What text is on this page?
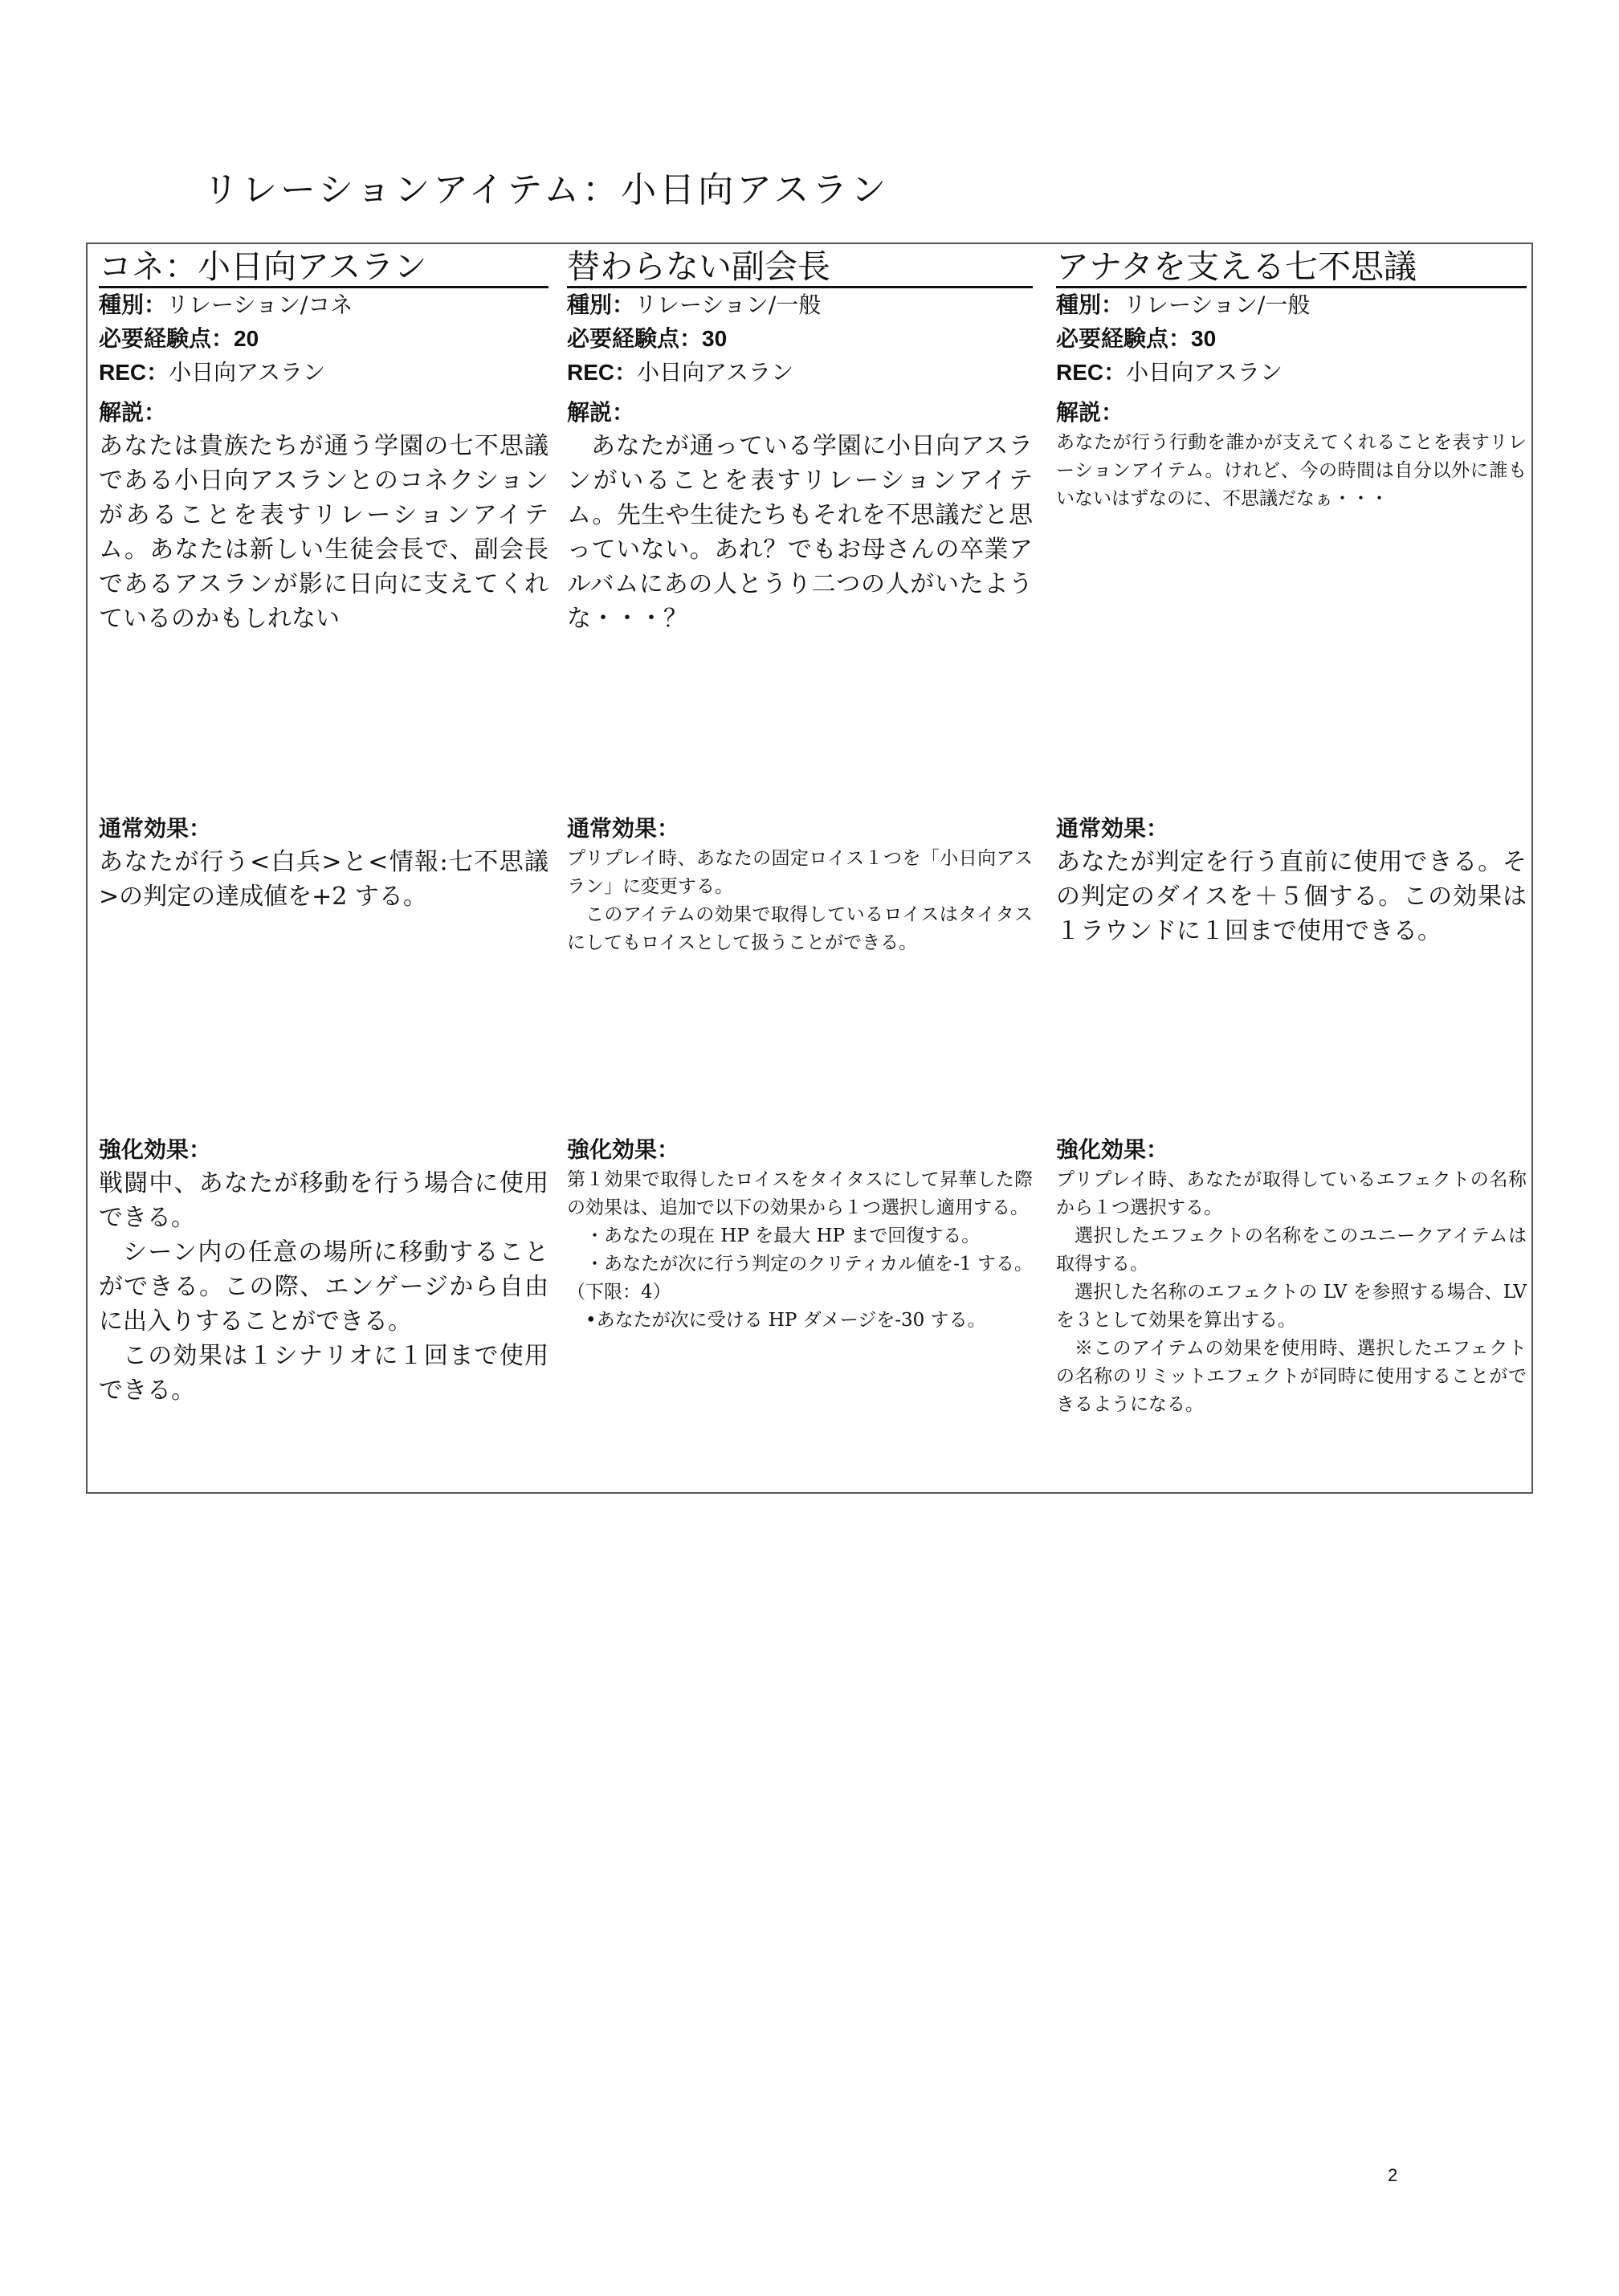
リレーションアイテム：小日向アスラン
コネ：小日向アスラン
種別：リレーション/コネ
必要経験点：20
REC：小日向アスラン
解説：
あなたは貴族たちが通う学園の七不思議である小日向アスランとのコネクションがあることを表すリレーションアイテム。あなたは新しい生徒会長で、副会長であるアスランが影に日向に支えてくれているのかもしれない
通常効果：
あなたが行う<白兵>と<情報:七不思議>の判定の達成値を+2 する。
強化効果：

戦闘中、あなたが移動を行う場合に使用できる。

シーン内の任意の場所に移動することができる。この際、エンゲージから自由に出入りすることができる。

この効果は１シナリオに１回まで使用できる。

替わらない副会長
種別：リレーション/一般
必要経験点：30
REC：小日向アスラン
解説：
あなたが通っている学園に小日向アスランがいることを表すリレーションアイテム。先生や生徒たちもそれを不思議だと思っていない。あれ？でもお母さんの卒業アルバムにあの人とうり二つの人がいたような・・・？
通常効果：

プリプレイ時、あなたの固定ロイス１つを「小日向アスラン」に変更する。

このアイテムの効果で取得しているロイスはタイタスにしてもロイスとして扱うことができる。

強化効果：

第１効果で取得したロイスをタイタスにして昇華した際の効果は、追加で以下の効果から１つ選択し適用する。

・あなたの現在 HP を最大 HP まで回復する。

・あなたが次に行う判定のクリティカル値を-1 する。（下限：4）

•あなたが次に受ける HP ダメージを-30 する。

アナタを支える七不思議
種別：リレーション/一般
必要経験点：30
REC：小日向アスラン
解説：
あなたが行う行動を誰かが支えてくれることを表すリレーションアイテム。けれど、今の時間は自分以外に誰もいないはずなのに、不思議だなぁ・・・
通常効果：
あなたが判定を行う直前に使用できる。その判定のダイスを＋５個する。この効果は１ラウンドに１回まで使用できる。
強化効果：

プリプレイ時、あなたが取得しているエフェクトの名称から１つ選択する。

選択したエフェクトの名称をこのユニークアイテムは取得する。

選択した名称のエフェクトの LV を参照する場合、LV を３として効果を算出する。

※このアイテムの効果を使用時、選択したエフェクトの名称のリミットエフェクトが同時に使用することができるようになる。

2
